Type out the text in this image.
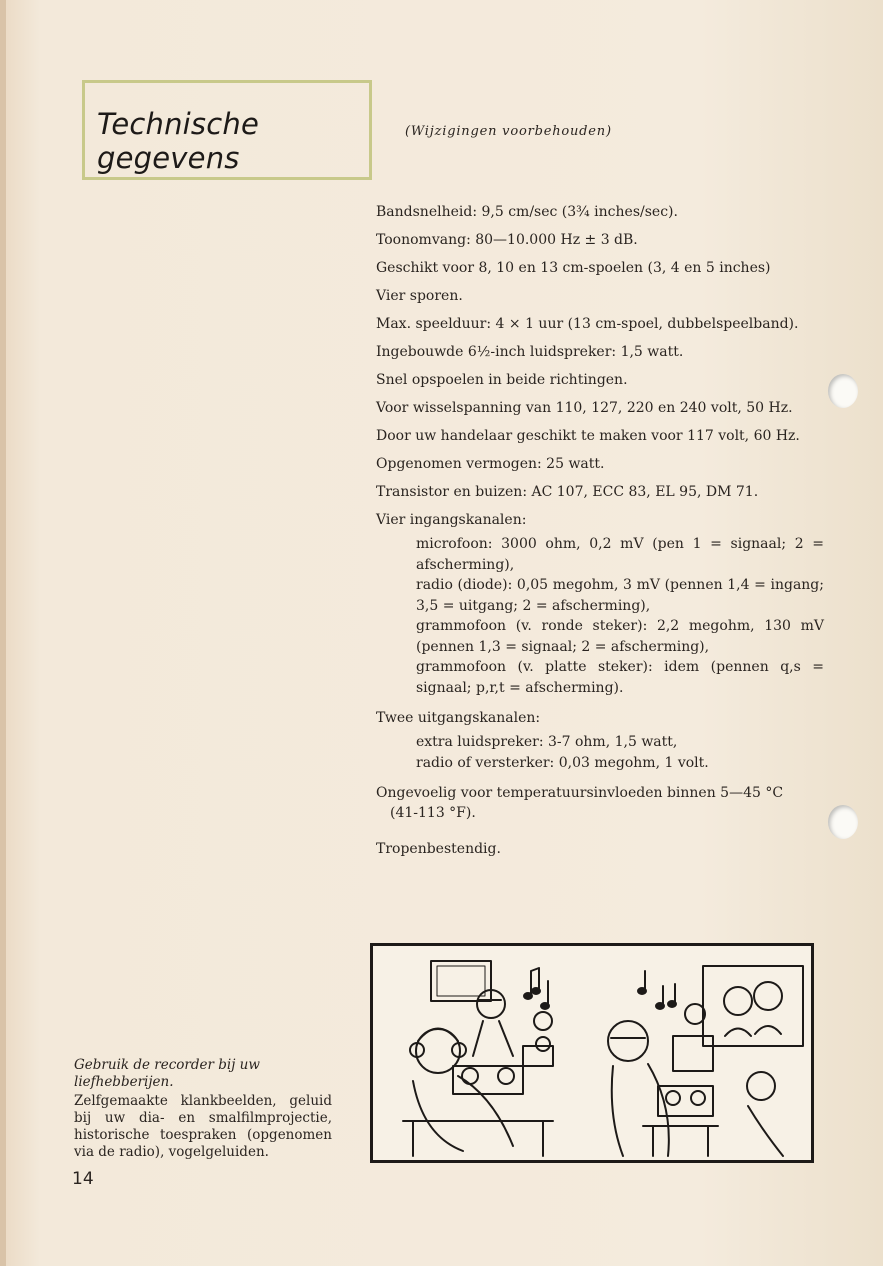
Technische gegevens
(Wijzigingen voorbehouden)
Bandsnelheid: 9,5 cm/sec (3¾ inches/sec).
Toonomvang: 80—10.000 Hz ± 3 dB.
Geschikt voor 8, 10 en 13 cm-spoelen (3, 4 en 5 inches)
Vier sporen.
Max. speelduur: 4 × 1 uur (13 cm-spoel, dubbelspeelband).
Ingebouwde 6½-inch luidspreker: 1,5 watt.
Snel opspoelen in beide richtingen.
Voor wisselspanning van 110, 127, 220 en 240 volt, 50 Hz.
Door uw handelaar geschikt te maken voor 117 volt, 60 Hz.
Opgenomen vermogen: 25 watt.
Transistor en buizen: AC 107, ECC 83, EL 95, DM 71.
Vier ingangskanalen:
microfoon: 3000 ohm, 0,2 mV (pen 1 = signaal; 2 = afscherming),
radio (diode): 0,05 megohm, 3 mV (pennen 1,4 = ingang; 3,5 = uitgang; 2 = afscherming),
grammofoon (v. ronde steker): 2,2 megohm, 130 mV (pennen 1,3 = signaal; 2 = afscherming),
grammofoon (v. platte steker): idem (pennen q,s = signaal; p,r,t = afscherming).
Twee uitgangskanalen:
extra luidspreker: 3-7 ohm, 1,5 watt,
radio of versterker: 0,03 megohm, 1 volt.
Ongevoelig voor temperatuursinvloeden binnen 5—45 °C
(41-113 °F).
Tropenbestendig.
Gebruik de recorder bij uw liefhebberijen.
Zelfgemaakte klankbeelden, geluid bij uw dia- en smalfilmprojectie, historische toespraken (opgenomen via de radio), vogelgeluiden.
14
